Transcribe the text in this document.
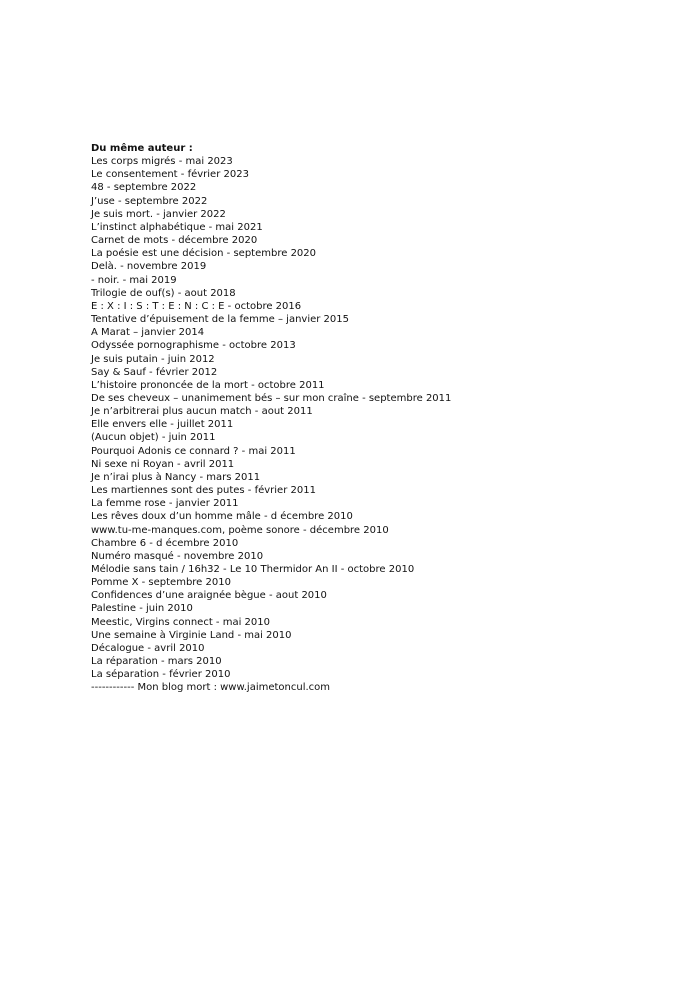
Du même auteur :
Les corps migrés - mai 2023
Le consentement - février 2023
48 - septembre 2022
J’use - septembre 2022
Je suis mort. - janvier 2022
L’instinct alphabétique - mai 2021
Carnet de mots - décembre 2020
La poésie est une décision - septembre 2020
Delà. - novembre 2019
- noir. - mai 2019
Trilogie de ouf(s) - aout 2018
E : X : I : S : T : E : N : C : E - octobre 2016
Tentative d’épuisement de la femme – janvier 2015
A Marat – janvier 2014
Odyssée pornographisme - octobre 2013
Je suis putain - juin 2012
Say & Sauf - février 2012
L’histoire prononcée de la mort - octobre 2011
De ses cheveux – unanimement bés – sur mon craîne - septembre 2011
Je n’arbitrerai plus aucun match - aout 2011
Elle envers elle - juillet 2011
(Aucun objet) - juin 2011
Pourquoi Adonis ce connard ? - mai 2011
Ni sexe ni Royan - avril 2011
Je n’irai plus à Nancy - mars 2011
Les martiennes sont des putes - février 2011
La femme rose - janvier 2011
Les rêves doux d’un homme mâle - d écembre 2010
www.tu-me-manques.com, poème sonore - décembre 2010
Chambre 6 - d écembre 2010
Numéro masqué - novembre 2010
Mélodie sans tain / 16h32 - Le 10 Thermidor An II - octobre 2010
Pomme X - septembre 2010
Confidences d’une araignée bègue - aout 2010
Palestine - juin 2010
Meestic, Virgins connect - mai 2010
Une semaine à Virginie Land - mai 2010
Décalogue - avril 2010
La réparation - mars 2010
La séparation - février 2010
------------ Mon blog mort : www.jaimetoncul.com
